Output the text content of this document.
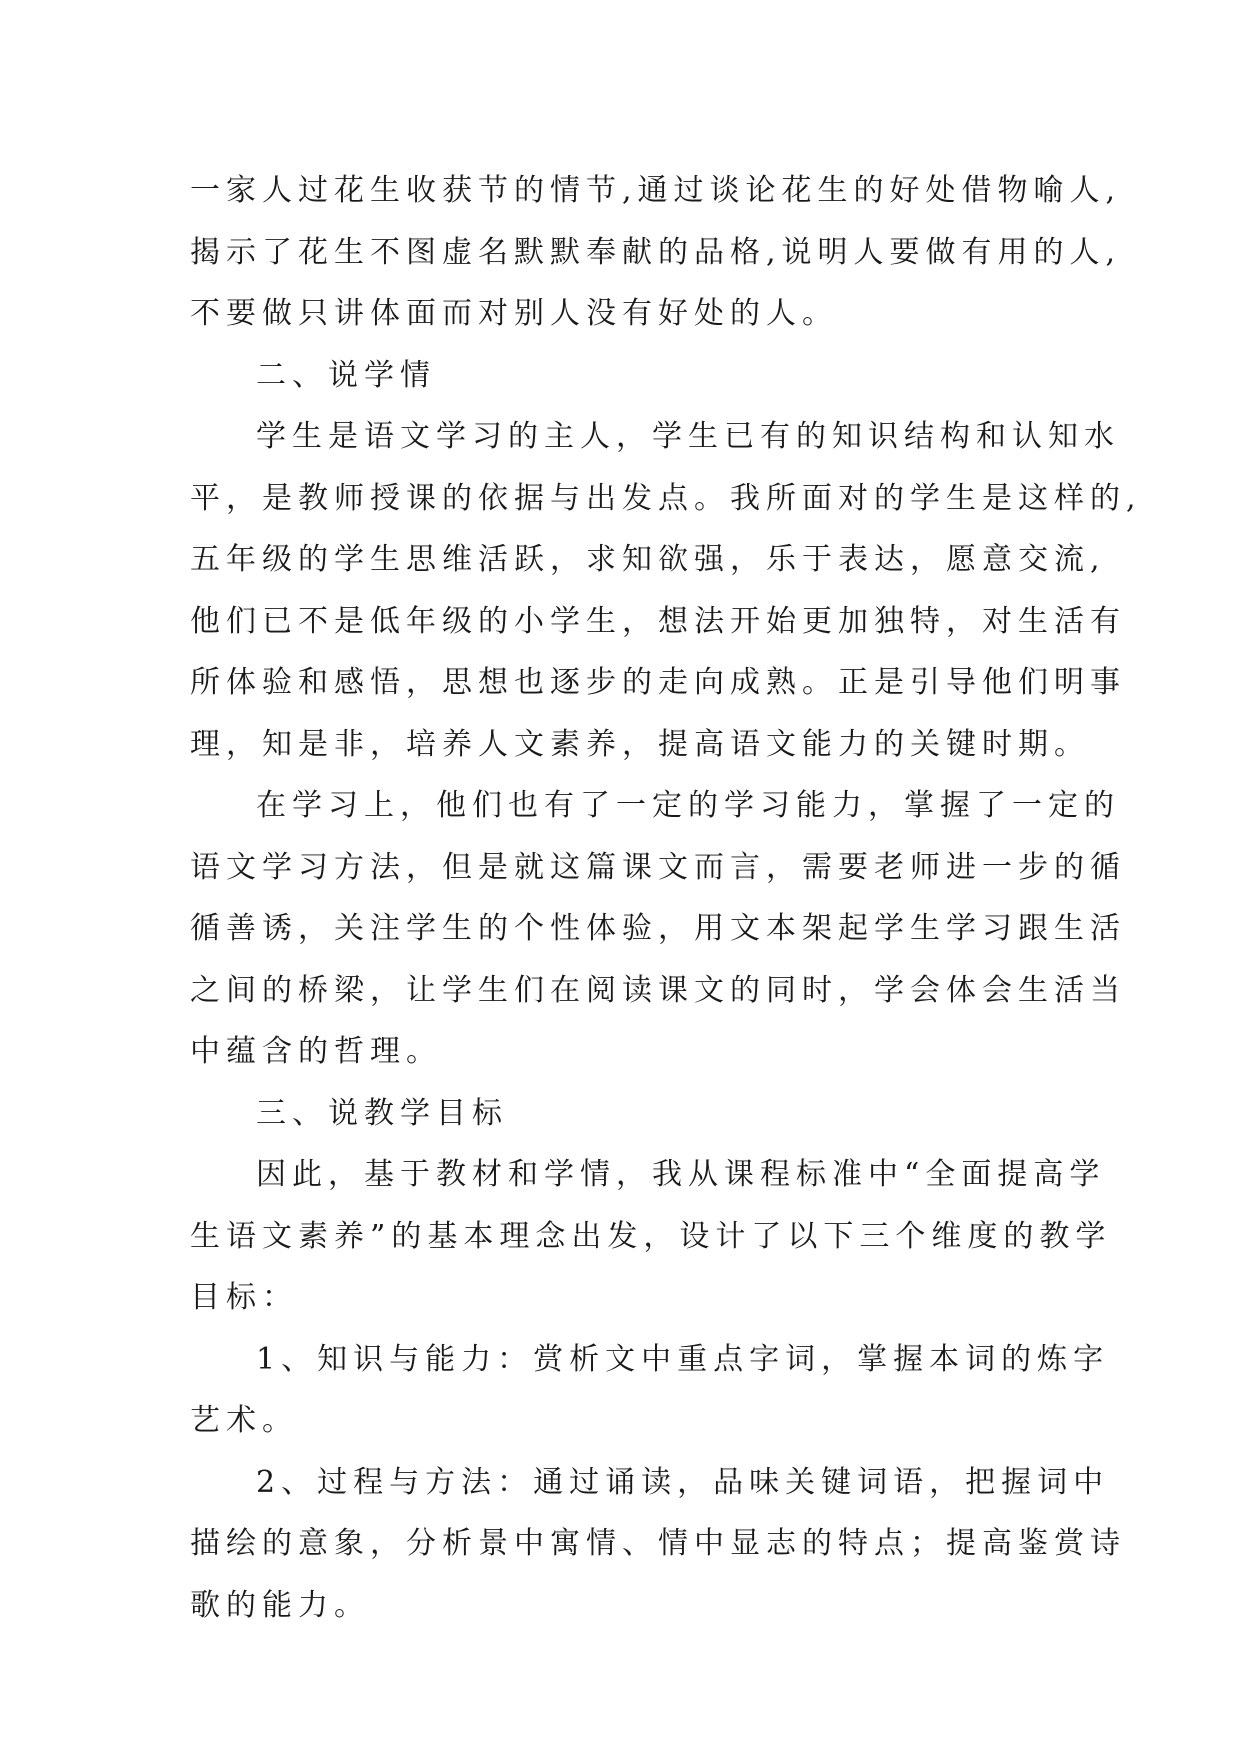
一家人过花生收获节的情节,通过谈论花生的好处借物喻人,
揭示了花生不图虚名默默奉献的品格,说明人要做有用的人,
不要做只讲体面而对别人没有好处的人。
二、说学情
学生是语文学习的主人，学生已有的知识结构和认知水
平，是教师授课的依据与出发点。我所面对的学生是这样的,
五年级的学生思维活跃，求知欲强，乐于表达，愿意交流,
他们已不是低年级的小学生，想法开始更加独特，对生活有
所体验和感悟，思想也逐步的走向成熟。正是引导他们明事
理，知是非，培养人文素养，提高语文能力的关键时期。
在学习上，他们也有了一定的学习能力，掌握了一定的
语文学习方法，但是就这篇课文而言，需要老师进一步的循
循善诱，关注学生的个性体验，用文本架起学生学习跟生活
之间的桥梁，让学生们在阅读课文的同时，学会体会生活当
中蕴含的哲理。
三、说教学目标
因此，基于教材和学情，我从课程标准中“全面提高学
生语文素养”的基本理念出发，设计了以下三个维度的教学
目标：
1、知识与能力：赏析文中重点字词，掌握本词的炼字
艺术。
2、过程与方法：通过诵读，品味关键词语，把握词中
描绘的意象，分析景中寓情、情中显志的特点；提高鉴赏诗
歌的能力。
